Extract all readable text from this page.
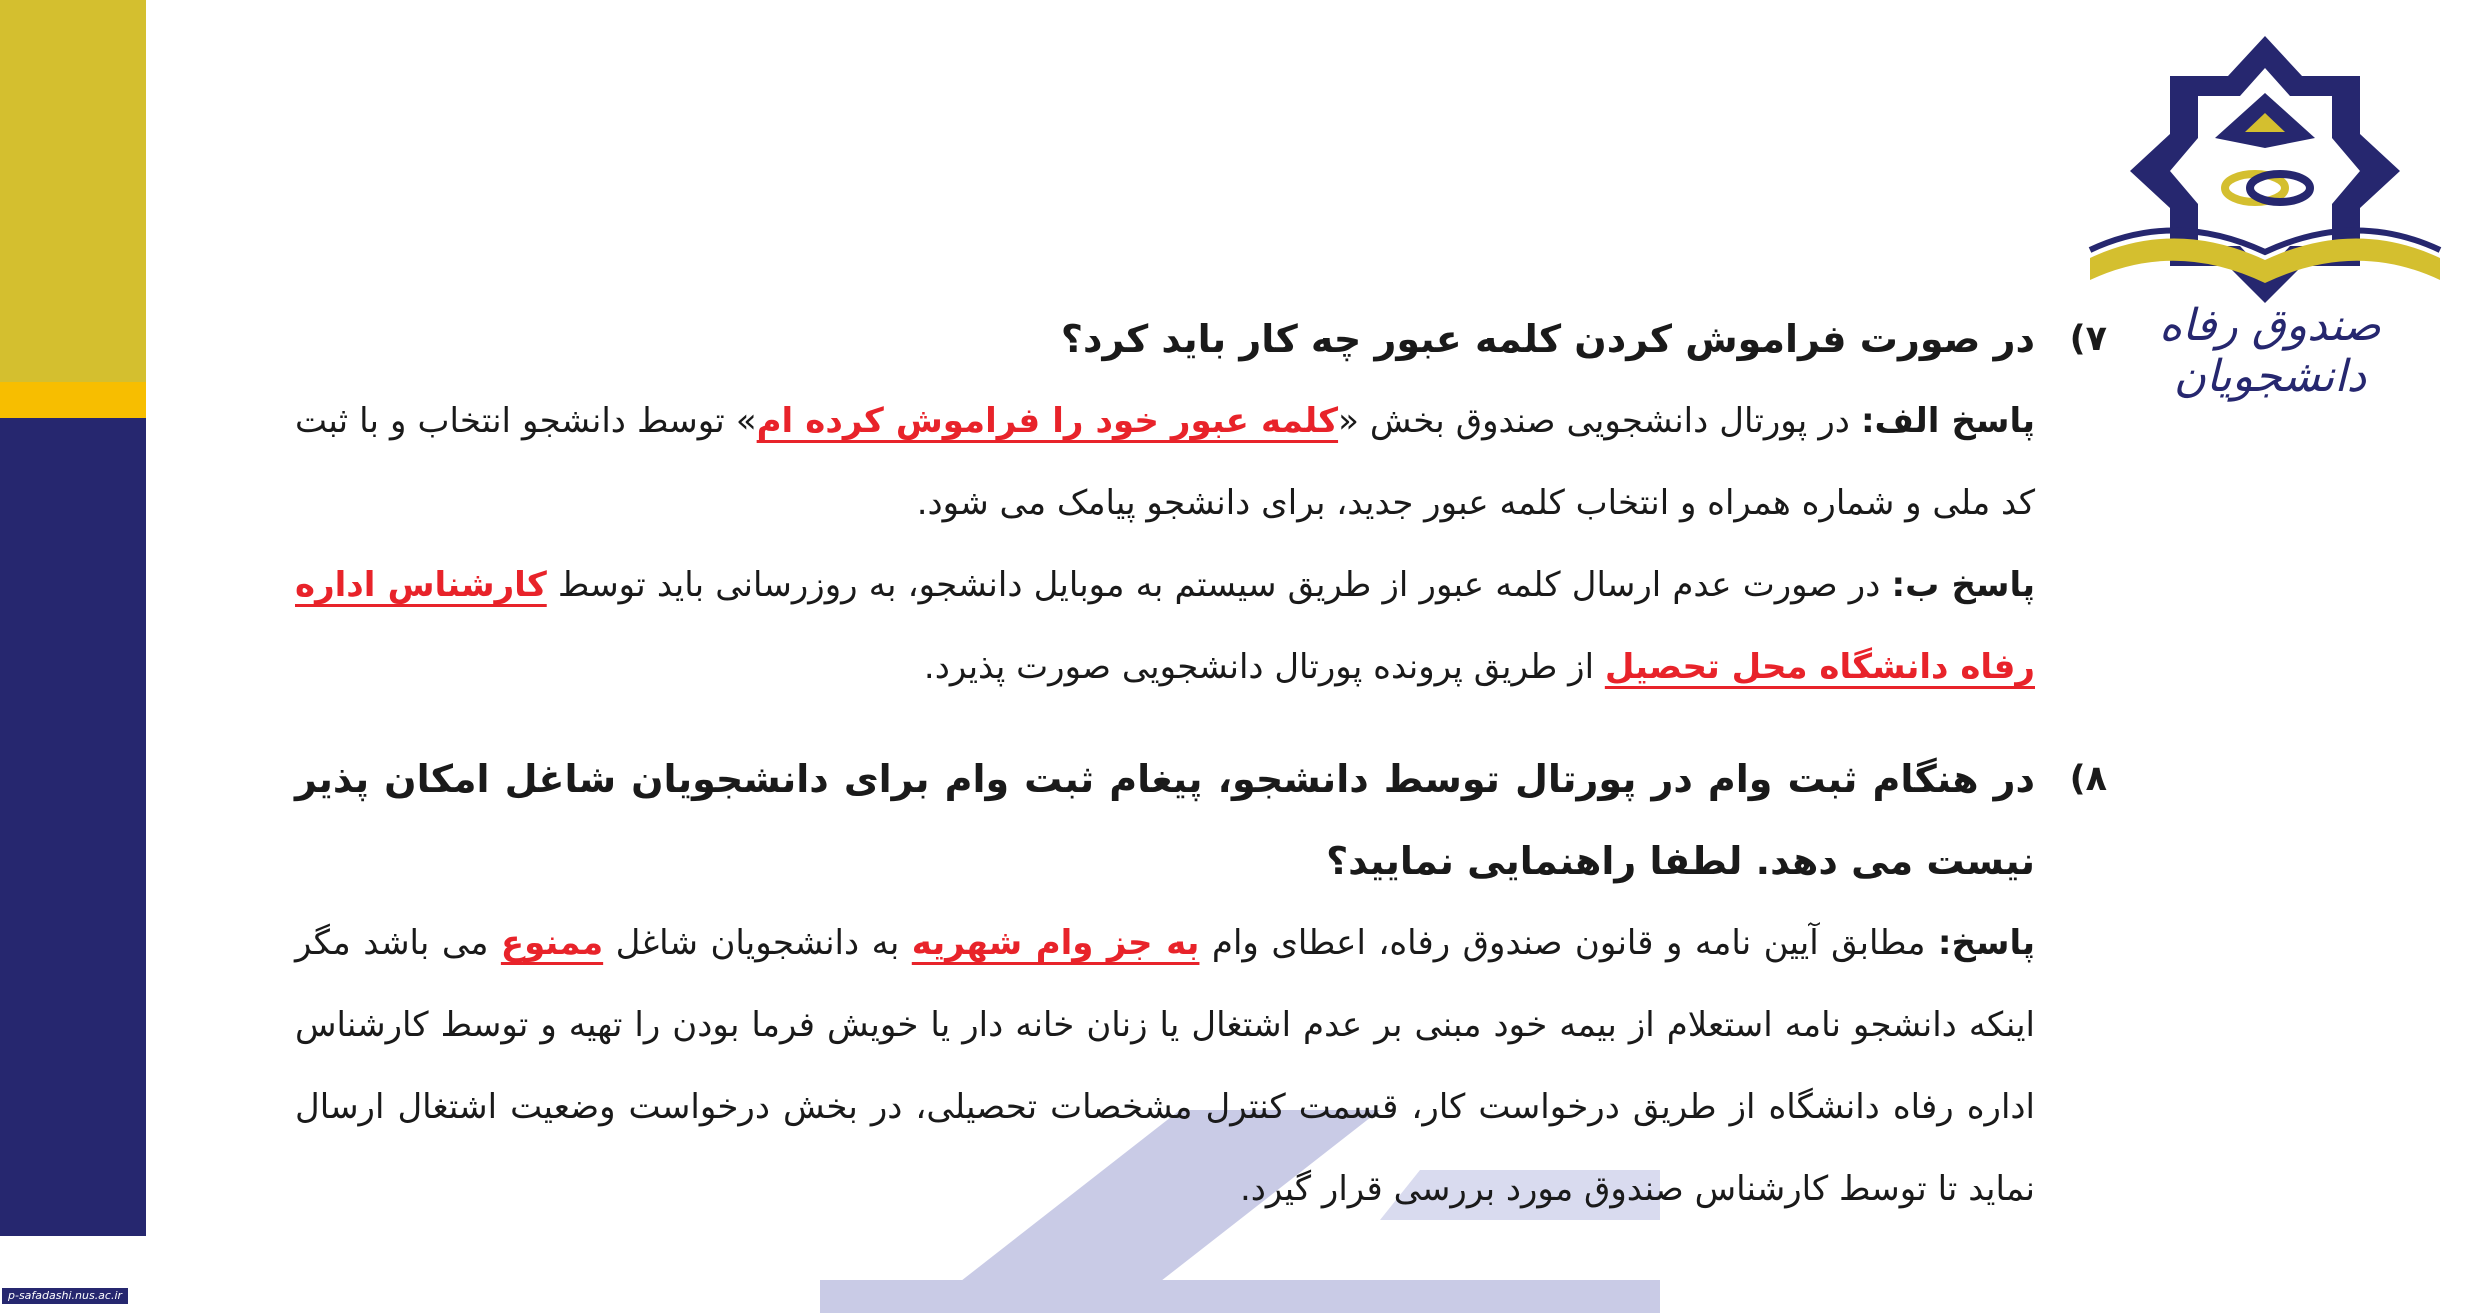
p-safadashi.nus.ac.ir
صندوق رفاه دانشجویان
۷)

در صورت فراموش کردن کلمه عبور چه کار باید کرد؟

پاسخ الف: در پورتال دانشجویی صندوق بخش «کلمه عبور خود را فراموش کرده ام» توسط دانشجو انتخاب و با ثبت کد ملی و شماره همراه و انتخاب کلمه عبور جدید، برای دانشجو پیامک می شود.

پاسخ ب: در صورت عدم ارسال کلمه عبور از طریق سیستم به موبایل دانشجو، به روزرسانی باید توسط کارشناس اداره رفاه دانشگاه محل تحصیل از طریق پرونده پورتال دانشجویی صورت پذیرد.

۸)

در هنگام ثبت وام در پورتال توسط دانشجو، پیغام ثبت وام برای دانشجویان شاغل امکان پذیر نیست می دهد. لطفا راهنمایی نمایید؟

پاسخ: مطابق آیین نامه و قانون صندوق رفاه، اعطای وام به جز وام شهریه به دانشجویان شاغل ممنوع می باشد مگر اینکه دانشجو نامه استعلام از بیمه خود مبنی بر عدم اشتغال یا زنان خانه دار یا خویش فرما بودن را تهیه و توسط کارشناس اداره رفاه دانشگاه از طریق درخواست کار، قسمت کنترل مشخصات تحصیلی، در بخش درخواست وضعیت اشتغال ارسال نماید تا توسط کارشناس صندوق مورد بررسی قرار گیرد.
